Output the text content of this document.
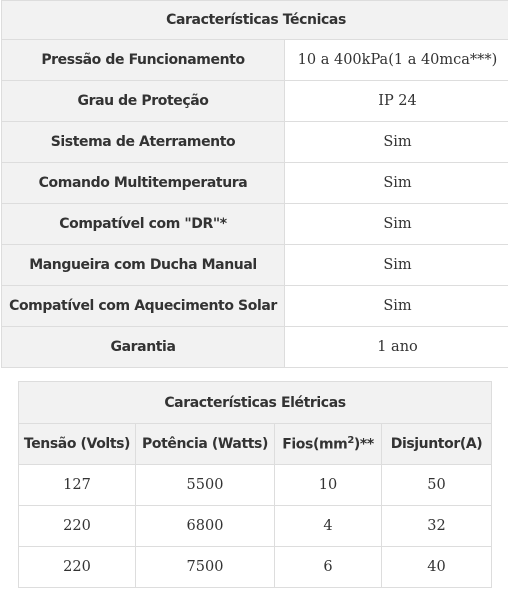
Características Técnicas	
Pressão de Funcionamento	10 a 400kPa(1 a 40mca***)
Grau de Proteção	IP 24
Sistema de Aterramento	Sim
Comando Multitemperatura	Sim
Compatível com "DR"*	Sim
Mangueira com Ducha Manual	Sim
Compatível com Aquecimento Solar	Sim
Garantia	1 ano
Características Elétricas			
Tensão (Volts)	Potência (Watts)	$Fios(mm^2)**$	Disjuntor(A)
127	5500	10	50
220	6800	4	32
220	7500	6	40
